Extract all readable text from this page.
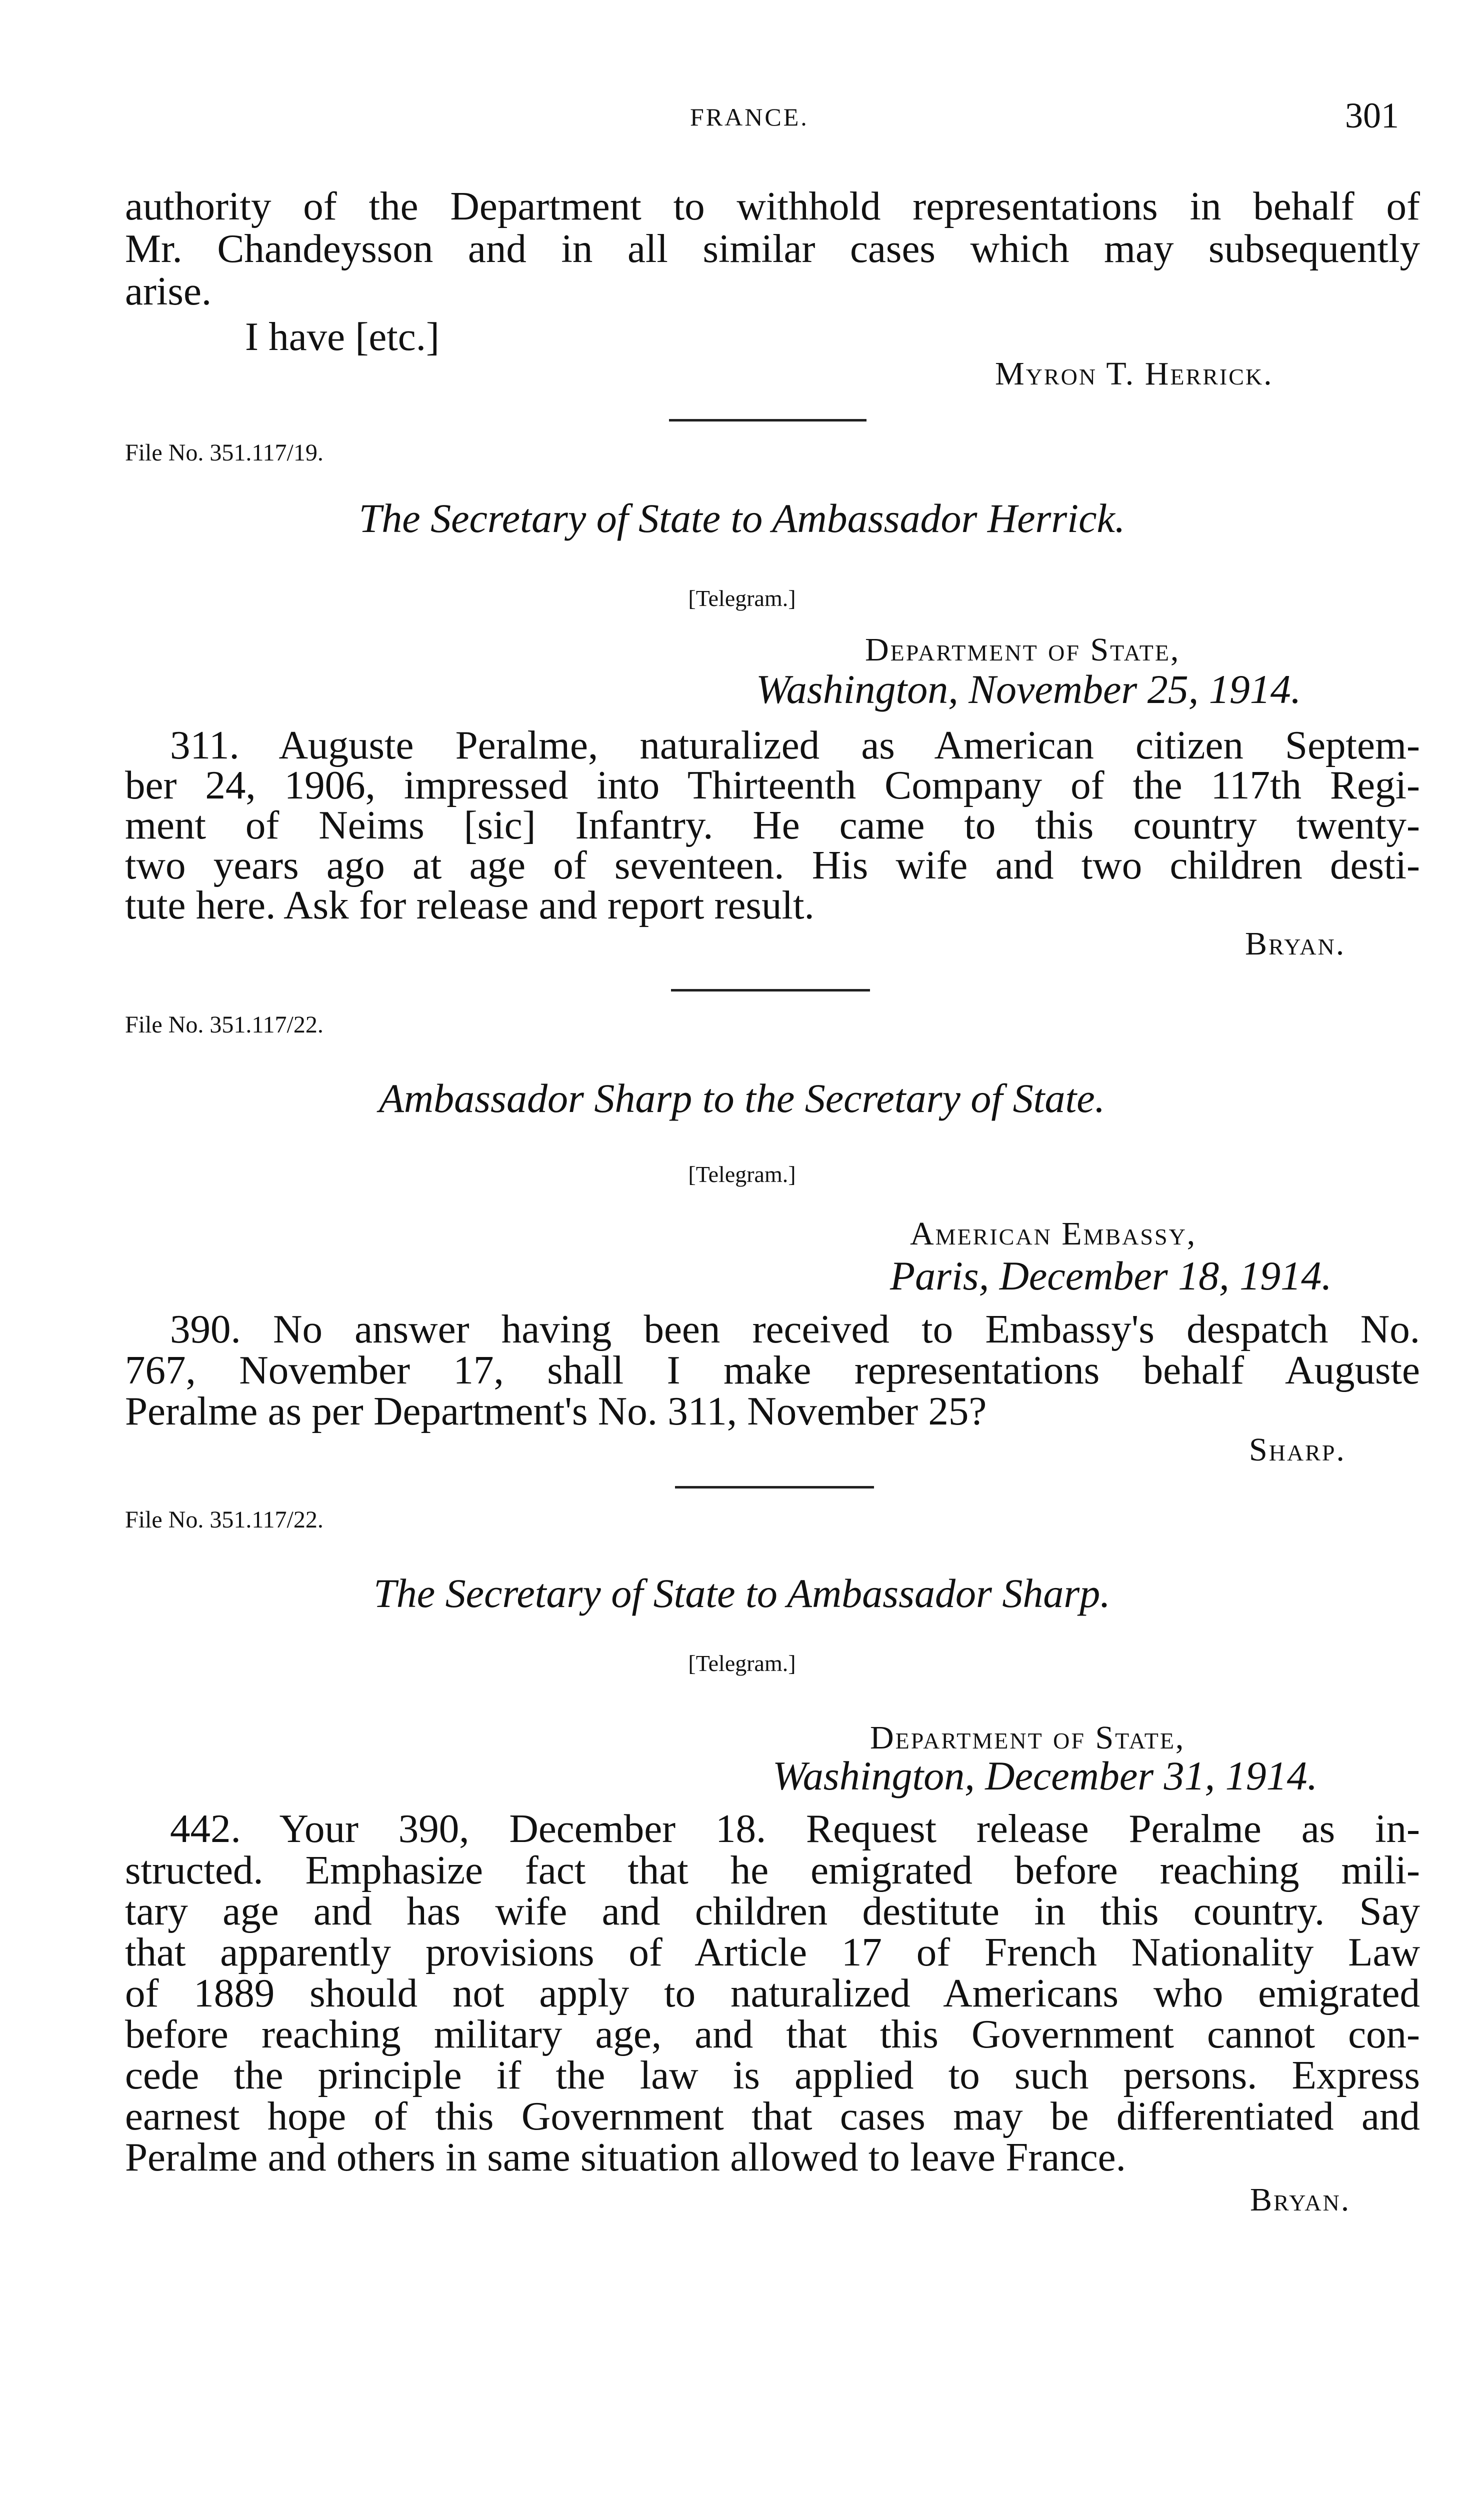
FRANCE.	301
authority of the Department to withhold representations in behalf of
Mr. Chandeysson and in all similar cases which may subsequently
arise.
I have [etc.]
Myron T. Herrick.
File No. 351.117/19.
The Secretary of State to Ambassador Herrick.
[Telegram.]
Department of State,
Washington, November 25, 1914.
311. Auguste Peralme, naturalized as American citizen Septem-
ber 24, 1906, impressed into Thirteenth Company of the 117th Regi-
ment of Neims [sic] Infantry. He came to this country twenty-
two years ago at age of seventeen. His wife and two children desti-
tute here. Ask for release and report result.
Bryan.
File No. 351.117/22.
Ambassador Sharp to the Secretary of State.
[Telegram.]
American Embassy,
Paris, December 18, 1914.
390. No answer having been received to Embassy's despatch No.
767, November 17, shall I make representations behalf Auguste
Peralme as per Department's No. 311, November 25?
Sharp.
File No. 351.117/22.
The Secretary of State to Ambassador Sharp.
[Telegram.]
Department of State,
Washington, December 31, 1914.
442. Your 390, December 18. Request release Peralme as in-
structed. Emphasize fact that he emigrated before reaching mili-
tary age and has wife and children destitute in this country. Say
that apparently provisions of Article 17 of French Nationality Law
of 1889 should not apply to naturalized Americans who emigrated
before reaching military age, and that this Government cannot con-
cede the principle if the law is applied to such persons. Express
earnest hope of this Government that cases may be differentiated and
Peralme and others in same situation allowed to leave France.
Bryan.
